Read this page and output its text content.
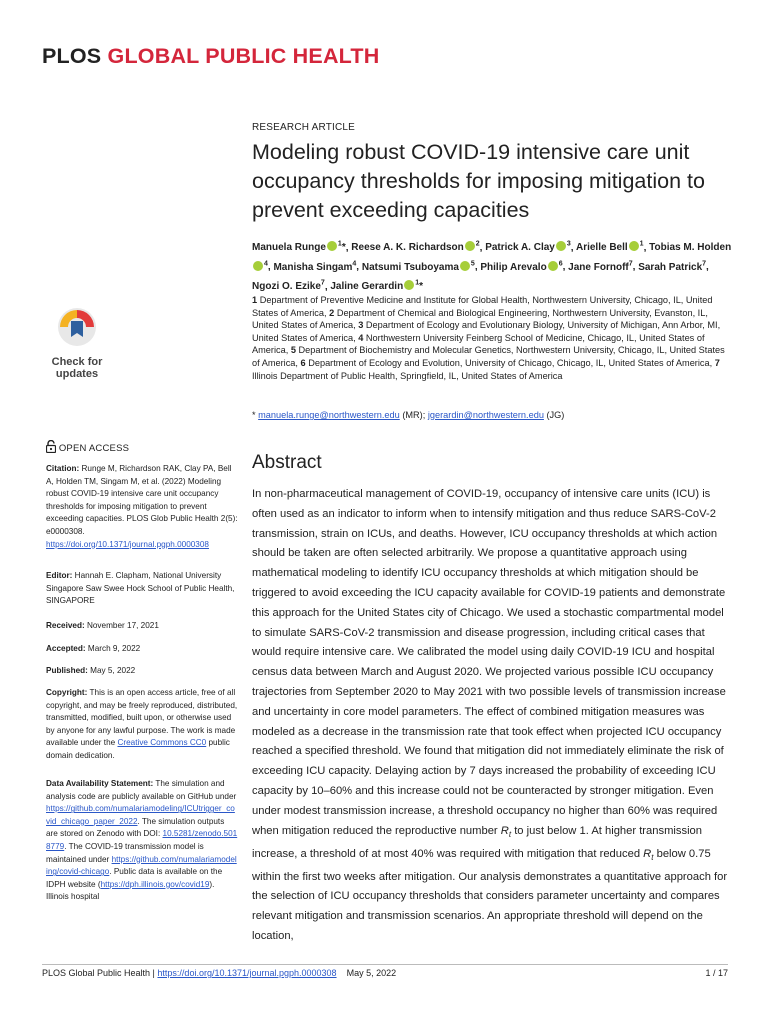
PLOS GLOBAL PUBLIC HEALTH
RESEARCH ARTICLE
Modeling robust COVID-19 intensive care unit occupancy thresholds for imposing mitigation to prevent exceeding capacities
Manuela Runge $^1$*, Reese A. K. Richardson $^2$, Patrick A. Clay $^3$, Arielle Bell $^1$, Tobias M. Holden$^4$, Manisha Singam$^4$, Natsumi Tsuboyama $^5$, Philip Arevalo $^6$, Jane Fornoff$^7$, Sarah Patrick$^7$, Ngozi O. Ezike$^7$, Jaline Gerardin $^1$*
1 Department of Preventive Medicine and Institute for Global Health, Northwestern University, Chicago, IL, United States of America, 2 Department of Chemical and Biological Engineering, Northwestern University, Evanston, IL, United States of America, 3 Department of Ecology and Evolutionary Biology, University of Michigan, Ann Arbor, MI, United States of America, 4 Northwestern University Feinberg School of Medicine, Chicago, IL, United States of America, 5 Department of Biochemistry and Molecular Genetics, Northwestern University, Chicago, IL, United States of America, 6 Department of Ecology and Evolution, University of Chicago, Chicago, IL, United States of America, 7 Illinois Department of Public Health, Springfield, IL, United States of America
* manuela.runge@northwestern.edu (MR); jgerardin@northwestern.edu (JG)
Check for
updates
OPEN ACCESS
Citation: Runge M, Richardson RAK, Clay PA, Bell A, Holden TM, Singam M, et al. (2022) Modeling robust COVID-19 intensive care unit occupancy thresholds for imposing mitigation to prevent exceeding capacities. PLOS Glob Public Health 2(5): e0000308. https://doi.org/10.1371/journal.pgph.0000308
Editor: Hannah E. Clapham, National University Singapore Saw Swee Hock School of Public Health, SINGAPORE
Received: November 17, 2021
Accepted: March 9, 2022
Published: May 5, 2022
Copyright: This is an open access article, free of all copyright, and may be freely reproduced, distributed, transmitted, modified, built upon, or otherwise used by anyone for any lawful purpose. The work is made available under the Creative Commons CC0 public domain dedication.
Data Availability Statement: The simulation and analysis code are publicly available on GitHub under https://github.com/numalariamodeling/ICUtrigger_covid_chicago_paper_2022. The simulation outputs are stored on Zenodo with DOI: 10.5281/zenodo.5018779. The COVID-19 transmission model is maintained under https://github.com/numalariamodeling/covid-chicago. Public data is available on the IDPH website (https://dph.illinois.gov/covid19). Illinois hospital
Abstract
In non-pharmaceutical management of COVID-19, occupancy of intensive care units (ICU) is often used as an indicator to inform when to intensify mitigation and thus reduce SARS-CoV-2 transmission, strain on ICUs, and deaths. However, ICU occupancy thresholds at which action should be taken are often selected arbitrarily. We propose a quantitative approach using mathematical modeling to identify ICU occupancy thresholds at which mitigation should be triggered to avoid exceeding the ICU capacity available for COVID-19 patients and demonstrate this approach for the United States city of Chicago. We used a stochastic compartmental model to simulate SARS-CoV-2 transmission and disease progression, including critical cases that would require intensive care. We calibrated the model using daily COVID-19 ICU and hospital census data between March and August 2020. We projected various possible ICU occupancy trajectories from September 2020 to May 2021 with two possible levels of transmission increase and uncertainty in core model parameters. The effect of combined mitigation measures was modeled as a decrease in the transmission rate that took effect when projected ICU occupancy reached a specified threshold. We found that mitigation did not immediately eliminate the risk of exceeding ICU capacity. Delaying action by 7 days increased the probability of exceeding ICU capacity by 10–60% and this increase could not be counteracted by stronger mitigation. Even under modest transmission increase, a threshold occupancy no higher than 60% was required when mitigation reduced the reproductive number $R_t$ to just below 1. At higher transmission increase, a threshold of at most 40% was required with mitigation that reduced $R_t$ below 0.75 within the first two weeks after mitigation. Our analysis demonstrates a quantitative approach for the selection of ICU occupancy thresholds that considers parameter uncertainty and compares relevant mitigation and transmission scenarios. An appropriate threshold will depend on the location,
PLOS Global Public Health | https://doi.org/10.1371/journal.pgph.0000308 May 5, 2022	1 / 17
